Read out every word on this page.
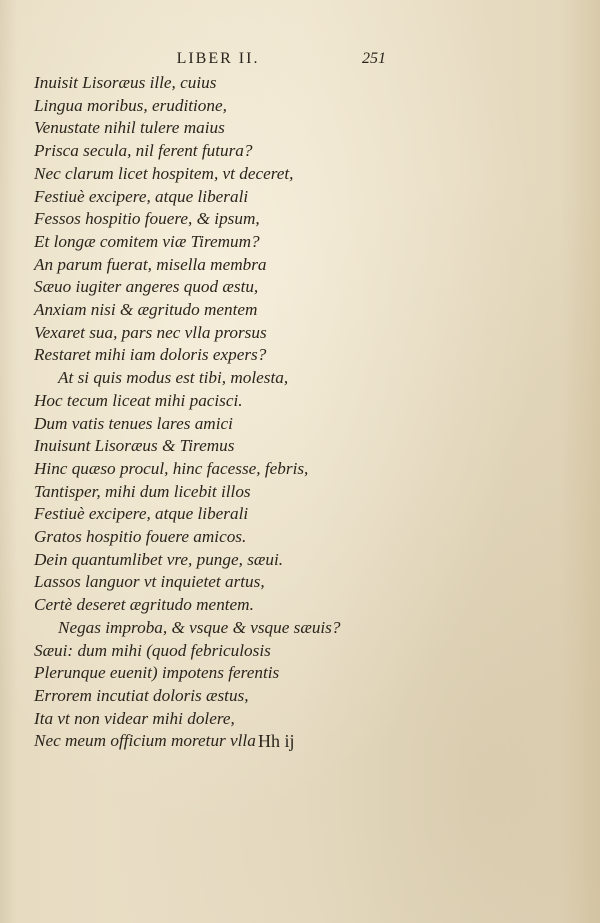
LIBER II.	251
Inuisit Lisoræus ille, cuius
Lingua moribus, eruditione,
Venustate nihil tulere maius
Prisca secula, nil ferent futura?
Nec clarum licet hospitem, vt deceret,
Festiuè excipere, atque liberali
Fessos hospitio fouere, & ipsum,
Et longæ comitem viæ Tiremum?
An parum fuerat, misella membra
Sæuo iugiter angeres quod æstu,
Anxiam nisi & ægritudo mentem
Vexaret sua, pars nec vlla prorsus
Restaret mihi iam doloris expers?
At si quis modus est tibi, molesta,
Hoc tecum liceat mihi pacisci.
Dum vatis tenues lares amici
Inuisunt Lisoræus & Tiremus
Hinc quæso procul, hinc facesse, febris,
Tantisper, mihi dum licebit illos
Festiuè excipere, atque liberali
Gratos hospitio fouere amicos.
Dein quantumlibet vre, punge, sæui.
Lassos languor vt inquietet artus,
Certè deseret ægritudo mentem.
Negas improba, & vsque & vsque sæuis?
Sæui: dum mihi (quod febriculosis
Plerunque euenit) impotens ferentis
Errorem incutiat doloris æstus,
Ita vt non videar mihi dolere,
Nec meum officium moretur vlla Hh ij
